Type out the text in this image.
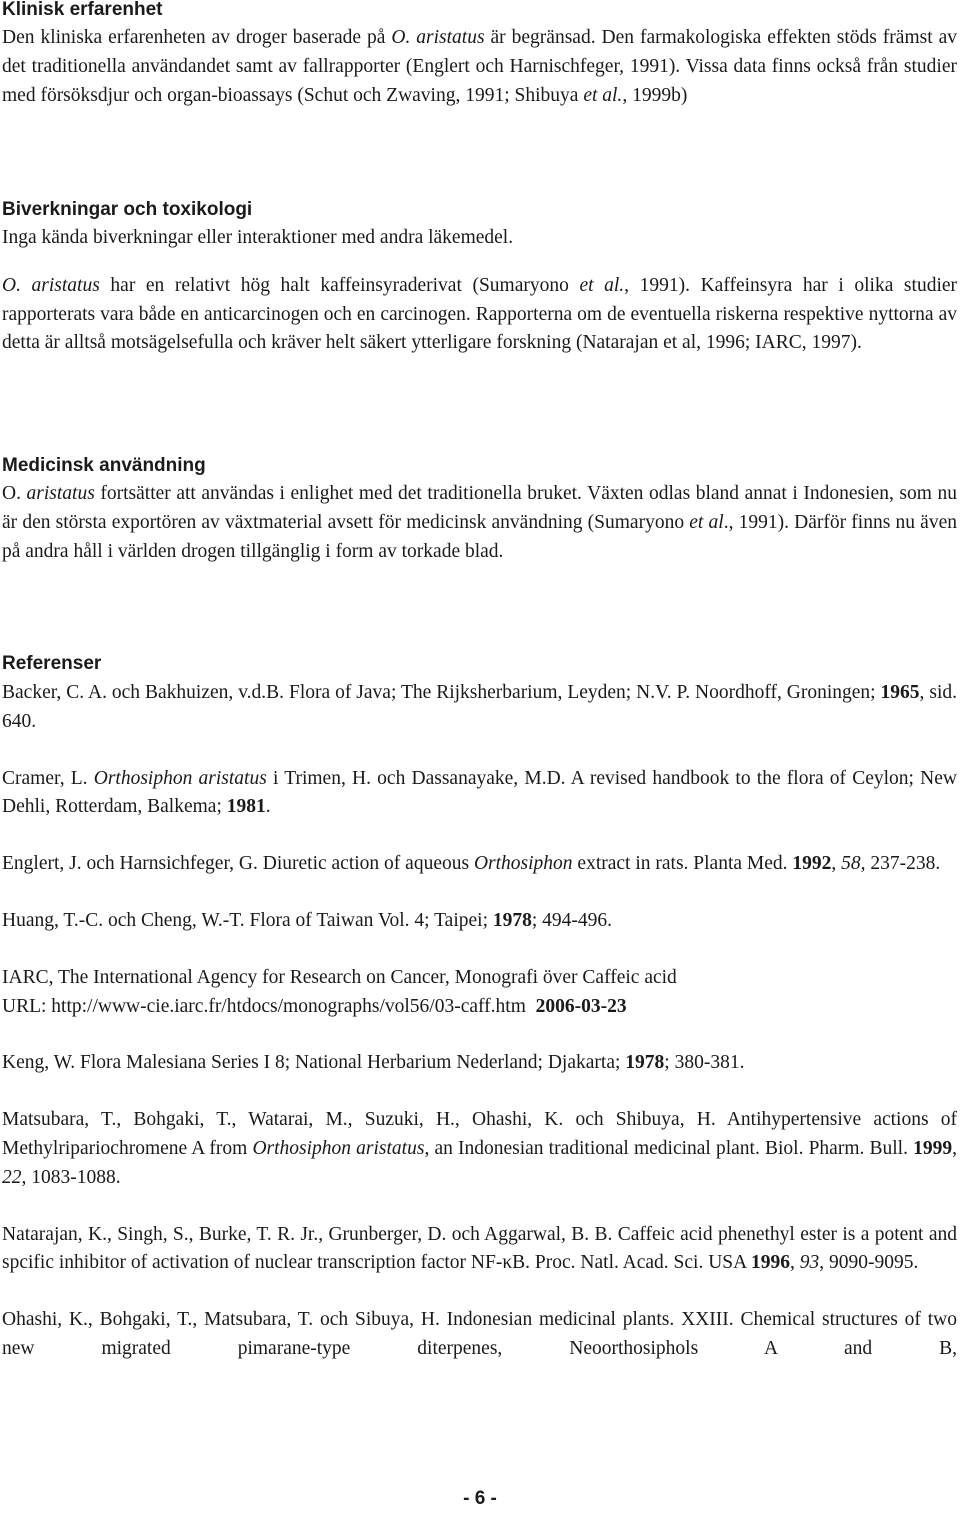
Klinisk erfarenhet

Den kliniska erfarenheten av droger baserade på O. aristatus är begränsad. Den farmakologiska effekten stöds främst av det traditionella användandet samt av fallrapporter (Englert och Harnischfeger, 1991). Vissa data finns också från studier med försöksdjur och organ-bioassays (Schut och Zwaving, 1991; Shibuya et al., 1999b)

Biverkningar och toxikologi

Inga kända biverkningar eller interaktioner med andra läkemedel.

O. aristatus har en relativt hög halt kaffeinsyraderivat (Sumaryono et al., 1991). Kaffeinsyra har i olika studier rapporterats vara både en anticarcinogen och en carcinogen. Rapporterna om de eventuella riskerna respektive nyttorna av detta är alltså motsägelsefulla och kräver helt säkert ytterligare forskning (Natarajan et al, 1996; IARC, 1997).

Medicinsk användning

O. aristatus fortsätter att användas i enlighet med det traditionella bruket. Växten odlas bland annat i Indonesien, som nu är den största exportören av växtmaterial avsett för medicinsk användning (Sumaryono et al., 1991). Därför finns nu även på andra håll i världen drogen tillgänglig i form av torkade blad.

Referenser

Backer, C. A. och Bakhuizen, v.d.B. Flora of Java; The Rijksherbarium, Leyden; N.V. P. Noordhoff, Groningen; 1965, sid. 640.

Cramer, L. Orthosiphon aristatus i Trimen, H. och Dassanayake, M.D. A revised handbook to the flora of Ceylon; New Dehli, Rotterdam, Balkema; 1981.

Englert, J. och Harnsichfeger, G. Diuretic action of aqueous Orthosiphon extract in rats. Planta Med. 1992, 58, 237-238.

Huang, T.-C. och Cheng, W.-T. Flora of Taiwan Vol. 4; Taipei; 1978; 494-496.

IARC, The International Agency for Research on Cancer, Monografi över Caffeic acid
URL: http://www-cie.iarc.fr/htdocs/monographs/vol56/03-caff.htm  2006-03-23

Keng, W. Flora Malesiana Series I 8; National Herbarium Nederland; Djakarta; 1978; 380-381.

Matsubara, T., Bohgaki, T., Watarai, M., Suzuki, H., Ohashi, K. och Shibuya, H. Antihypertensive actions of Methylripariochromene A from Orthosiphon aristatus, an Indonesian traditional medicinal plant. Biol. Pharm. Bull. 1999, 22, 1083-1088.

Natarajan, K., Singh, S., Burke, T. R. Jr., Grunberger, D. och Aggarwal, B. B. Caffeic acid phenethyl ester is a potent and spcific inhibitor of activation of nuclear transcription factor NF-κB. Proc. Natl. Acad. Sci. USA 1996, 93, 9090-9095.

Ohashi, K., Bohgaki, T., Matsubara, T. och Sibuya, H. Indonesian medicinal plants. XXIII. Chemical structures of two new migrated pimarane-type diterpenes, Neoorthosiphols A and B,

- 6 -
